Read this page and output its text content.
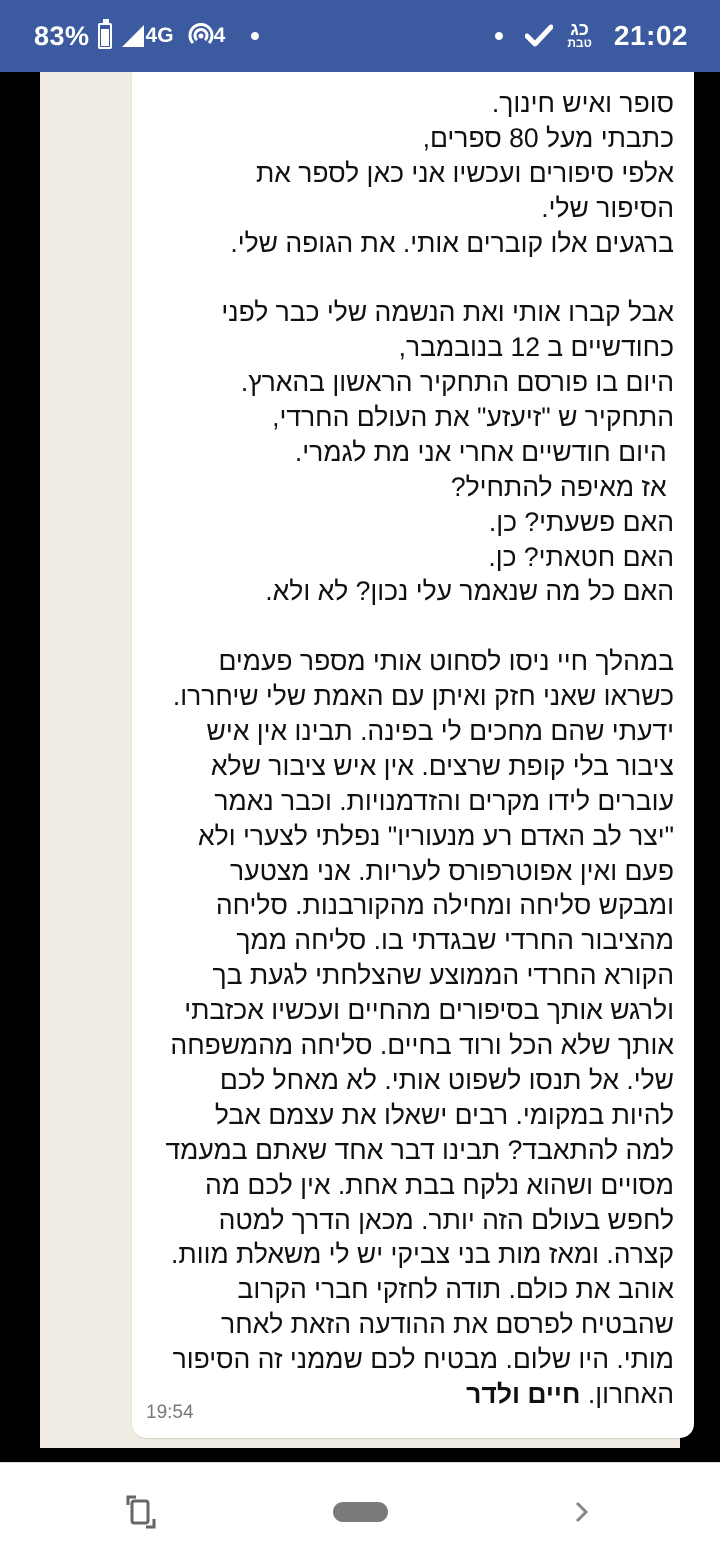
83%	4G 4	כג
טבת 21:02
סופר ואיש חינוך.
כתבתי מעל 80 ספרים,
אלפי סיפורים ועכשיו אני כאן לספר את
הסיפור שלי.
ברגעים אלו קוברים אותי. את הגופה שלי.
אבל קברו אותי ואת הנשמה שלי כבר לפני
כחודשיים ב 12 בנובמבר,
היום בו פורסם התחקיר הראשון בהארץ.
התחקיר ש "זיעזע" את העולם החרדי,
היום חודשיים אחרי אני מת לגמרי.
אז מאיפה להתחיל?
האם פשעתי? כן.
האם חטאתי? כן.
האם כל מה שנאמר עלי נכון? לא ולא.
במהלך חיי ניסו לסחוט אותי מספר פעמים
כשראו שאני חזק ואיתן עם האמת שלי שיחררו.
ידעתי שהם מחכים לי בפינה. תבינו אין איש
ציבור בלי קופת שרצים. אין איש ציבור שלא
עוברים לידו מקרים והזדמנויות. וכבר נאמר
"יצר לב האדם רע מנעוריו" נפלתי לצערי ולא
פעם ואין אפוטרפורס לעריות. אני מצטער
ומבקש סליחה ומחילה מהקורבנות. סליחה
מהציבור החרדי שבגדתי בו. סליחה ממך
הקורא החרדי הממוצע שהצלחתי לגעת בך
ולרגש אותך בסיפורים מהחיים ועכשיו אכזבתי
אותך שלא הכל ורוד בחיים. סליחה מהמשפחה
שלי. אל תנסו לשפוט אותי. לא מאחל לכם
להיות במקומי. רבים ישאלו את עצמם אבל
למה להתאבד? תבינו דבר אחד שאתם במעמד
מסויים ושהוא נלקח בבת אחת. אין לכם מה
לחפש בעולם הזה יותר. מכאן הדרך למטה
קצרה. ומאז מות בני צביקי יש לי משאלת מוות.
אוהב את כולם. תודה לחזקי חברי הקרוב
שהבטיח לפרסם את ההודעה הזאת לאחר
מותי. היו שלום. מבטיח לכם שממני זה הסיפור
האחרון. חיים ולדר
19:54
